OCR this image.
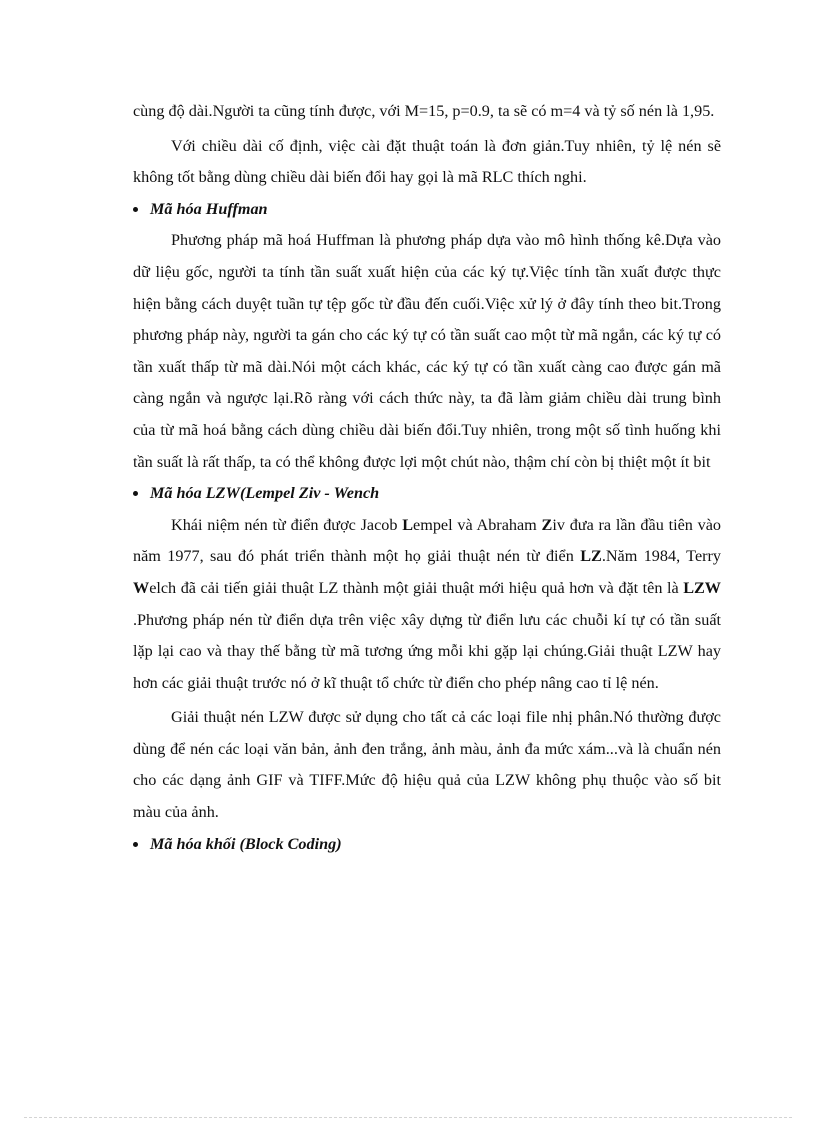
cùng độ dài.Người ta cũng tính được, với M=15, p=0.9, ta sẽ có m=4 và tỷ số nén là 1,95.

Với chiều dài cố định, việc cài đặt thuật toán là đơn giản.Tuy nhiên, tỷ lệ nén sẽ không tốt bằng dùng chiều dài biến đổi hay gọi là mã RLC thích nghi.

Mã hóa Huffman

Phương pháp mã hoá Huffman là phương pháp dựa vào mô hình thống kê.Dựa vào dữ liệu gốc, người ta tính tần suất xuất hiện của các ký tự.Việc tính tần xuất được thực hiện bằng cách duyệt tuần tự tệp gốc từ đầu đến cuối.Việc xử lý ở đây tính theo bit.Trong phương pháp này, người ta gán cho các ký tự có tần suất cao một từ mã ngắn, các ký tự có tần xuất thấp từ mã dài.Nói một cách khác, các ký tự có tần xuất càng cao được gán mã càng ngắn và ngược lại.Rõ ràng với cách thức này, ta đã làm giảm chiều dài trung bình của từ mã hoá bằng cách dùng chiều dài biến đổi.Tuy nhiên, trong một số tình huống khi tần suất là rất thấp, ta có thể không được lợi một chút nào, thậm chí còn bị thiệt một ít bit

Mã hóa LZW(Lempel Ziv - Wench

Khái niệm nén từ điển được Jacob Lempel và Abraham Ziv đưa ra lần đầu tiên vào năm 1977, sau đó phát triển thành một họ giải thuật nén từ điển LZ.Năm 1984, Terry Welch đã cải tiến giải thuật LZ thành một giải thuật mới hiệu quả hơn và đặt tên là LZW .Phương pháp nén từ điển dựa trên việc xây dựng từ điển lưu các chuỗi kí tự có tần suất lặp lại cao và thay thế bằng từ mã tương ứng mỗi khi gặp lại chúng.Giải thuật LZW hay hơn các giải thuật trước nó ở kĩ thuật tổ chức từ điển cho phép nâng cao tỉ lệ nén.

Giải thuật nén LZW được sử dụng cho tất cả các loại file nhị phân.Nó thường được dùng để nén các loại văn bản, ảnh đen trắng, ảnh màu, ảnh đa mức xám...và là chuẩn nén cho các dạng ảnh GIF và TIFF.Mức độ hiệu quả của LZW không phụ thuộc vào số bit màu của ảnh.

Mã hóa khối (Block Coding)
